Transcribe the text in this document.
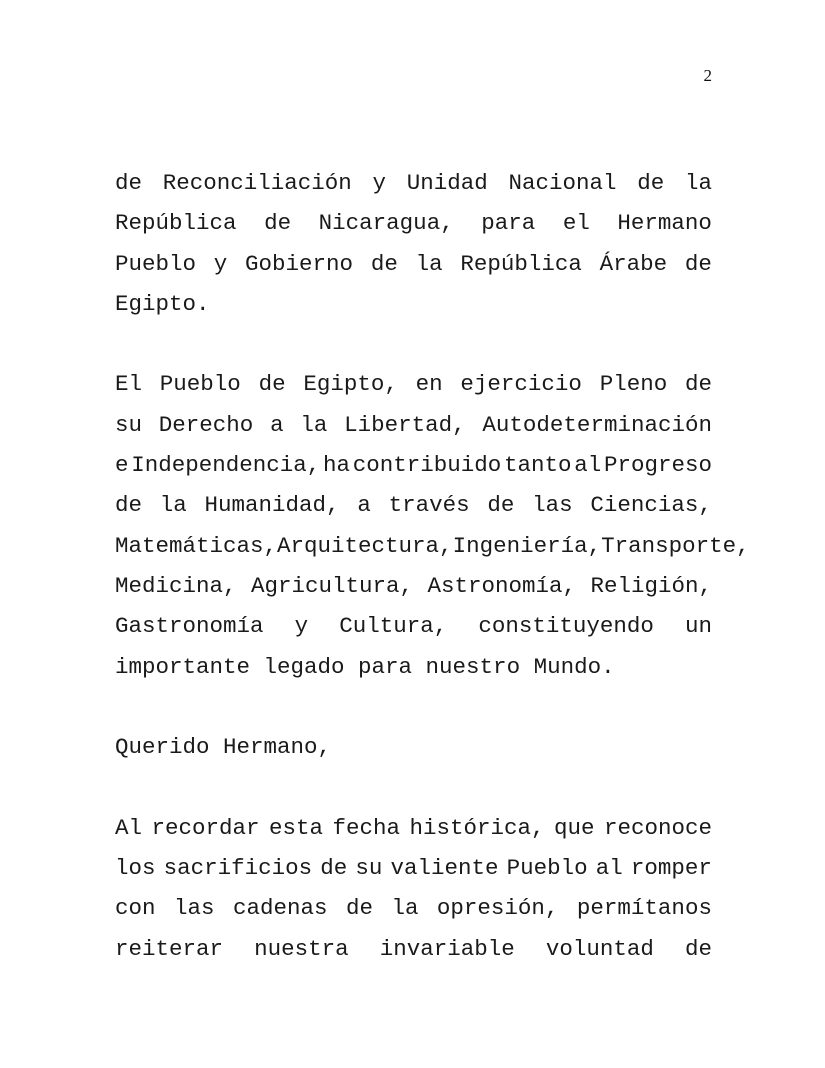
2
de Reconciliación y Unidad Nacional de la
República de Nicaragua, para el Hermano
Pueblo y Gobierno de la República Árabe de
Egipto.
El Pueblo de Egipto, en ejercicio Pleno de
su Derecho a la Libertad, Autodeterminación
e Independencia, ha contribuido tanto al Progreso
de la Humanidad, a través de las Ciencias,
Matemáticas, Arquitectura, Ingeniería, Transporte,
Medicina, Agricultura, Astronomía, Religión,
Gastronomía y Cultura, constituyendo un
importante legado para nuestro Mundo.
Querido Hermano,
Al recordar esta fecha histórica, que reconoce
los sacrificios de su valiente Pueblo al romper
con las cadenas de la opresión, permítanos
reiterar nuestra invariable voluntad de
